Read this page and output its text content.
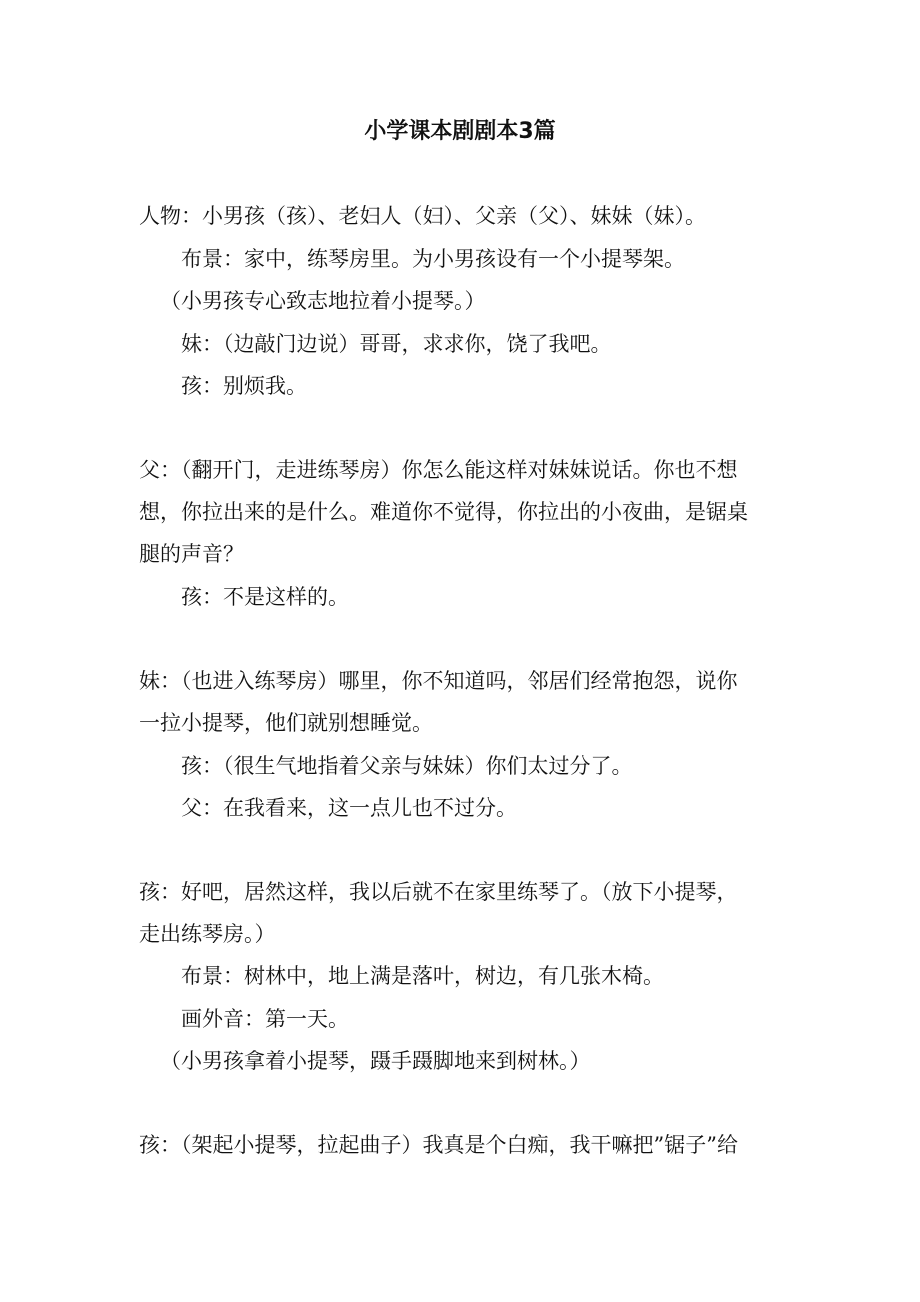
小学课本剧剧本3篇
人物：小男孩（孩）、老妇人（妇）、父亲（父）、妹妹（妹）。
布景：家中，练琴房里。为小男孩设有一个小提琴架。
（小男孩专心致志地拉着小提琴。）
妹：（边敲门边说）哥哥，求求你，饶了我吧。
孩：别烦我。
父：（翻开门，走进练琴房）你怎么能这样对妹妹说话。你也不想
想，你拉出来的是什么。难道你不觉得，你拉出的小夜曲，是锯桌
腿的声音？
孩：不是这样的。
妹：（也进入练琴房）哪里，你不知道吗，邻居们经常抱怨，说你
一拉小提琴，他们就别想睡觉。
孩：（很生气地指着父亲与妹妹）你们太过分了。
父：在我看来，这一点儿也不过分。
孩：好吧，居然这样，我以后就不在家里练琴了。（放下小提琴，
走出练琴房。）
布景：树林中，地上满是落叶，树边，有几张木椅。
画外音：第一天。
（小男孩拿着小提琴，蹑手蹑脚地来到树林。）
孩：（架起小提琴，拉起曲子）我真是个白痴，我干嘛把”锯子”给
